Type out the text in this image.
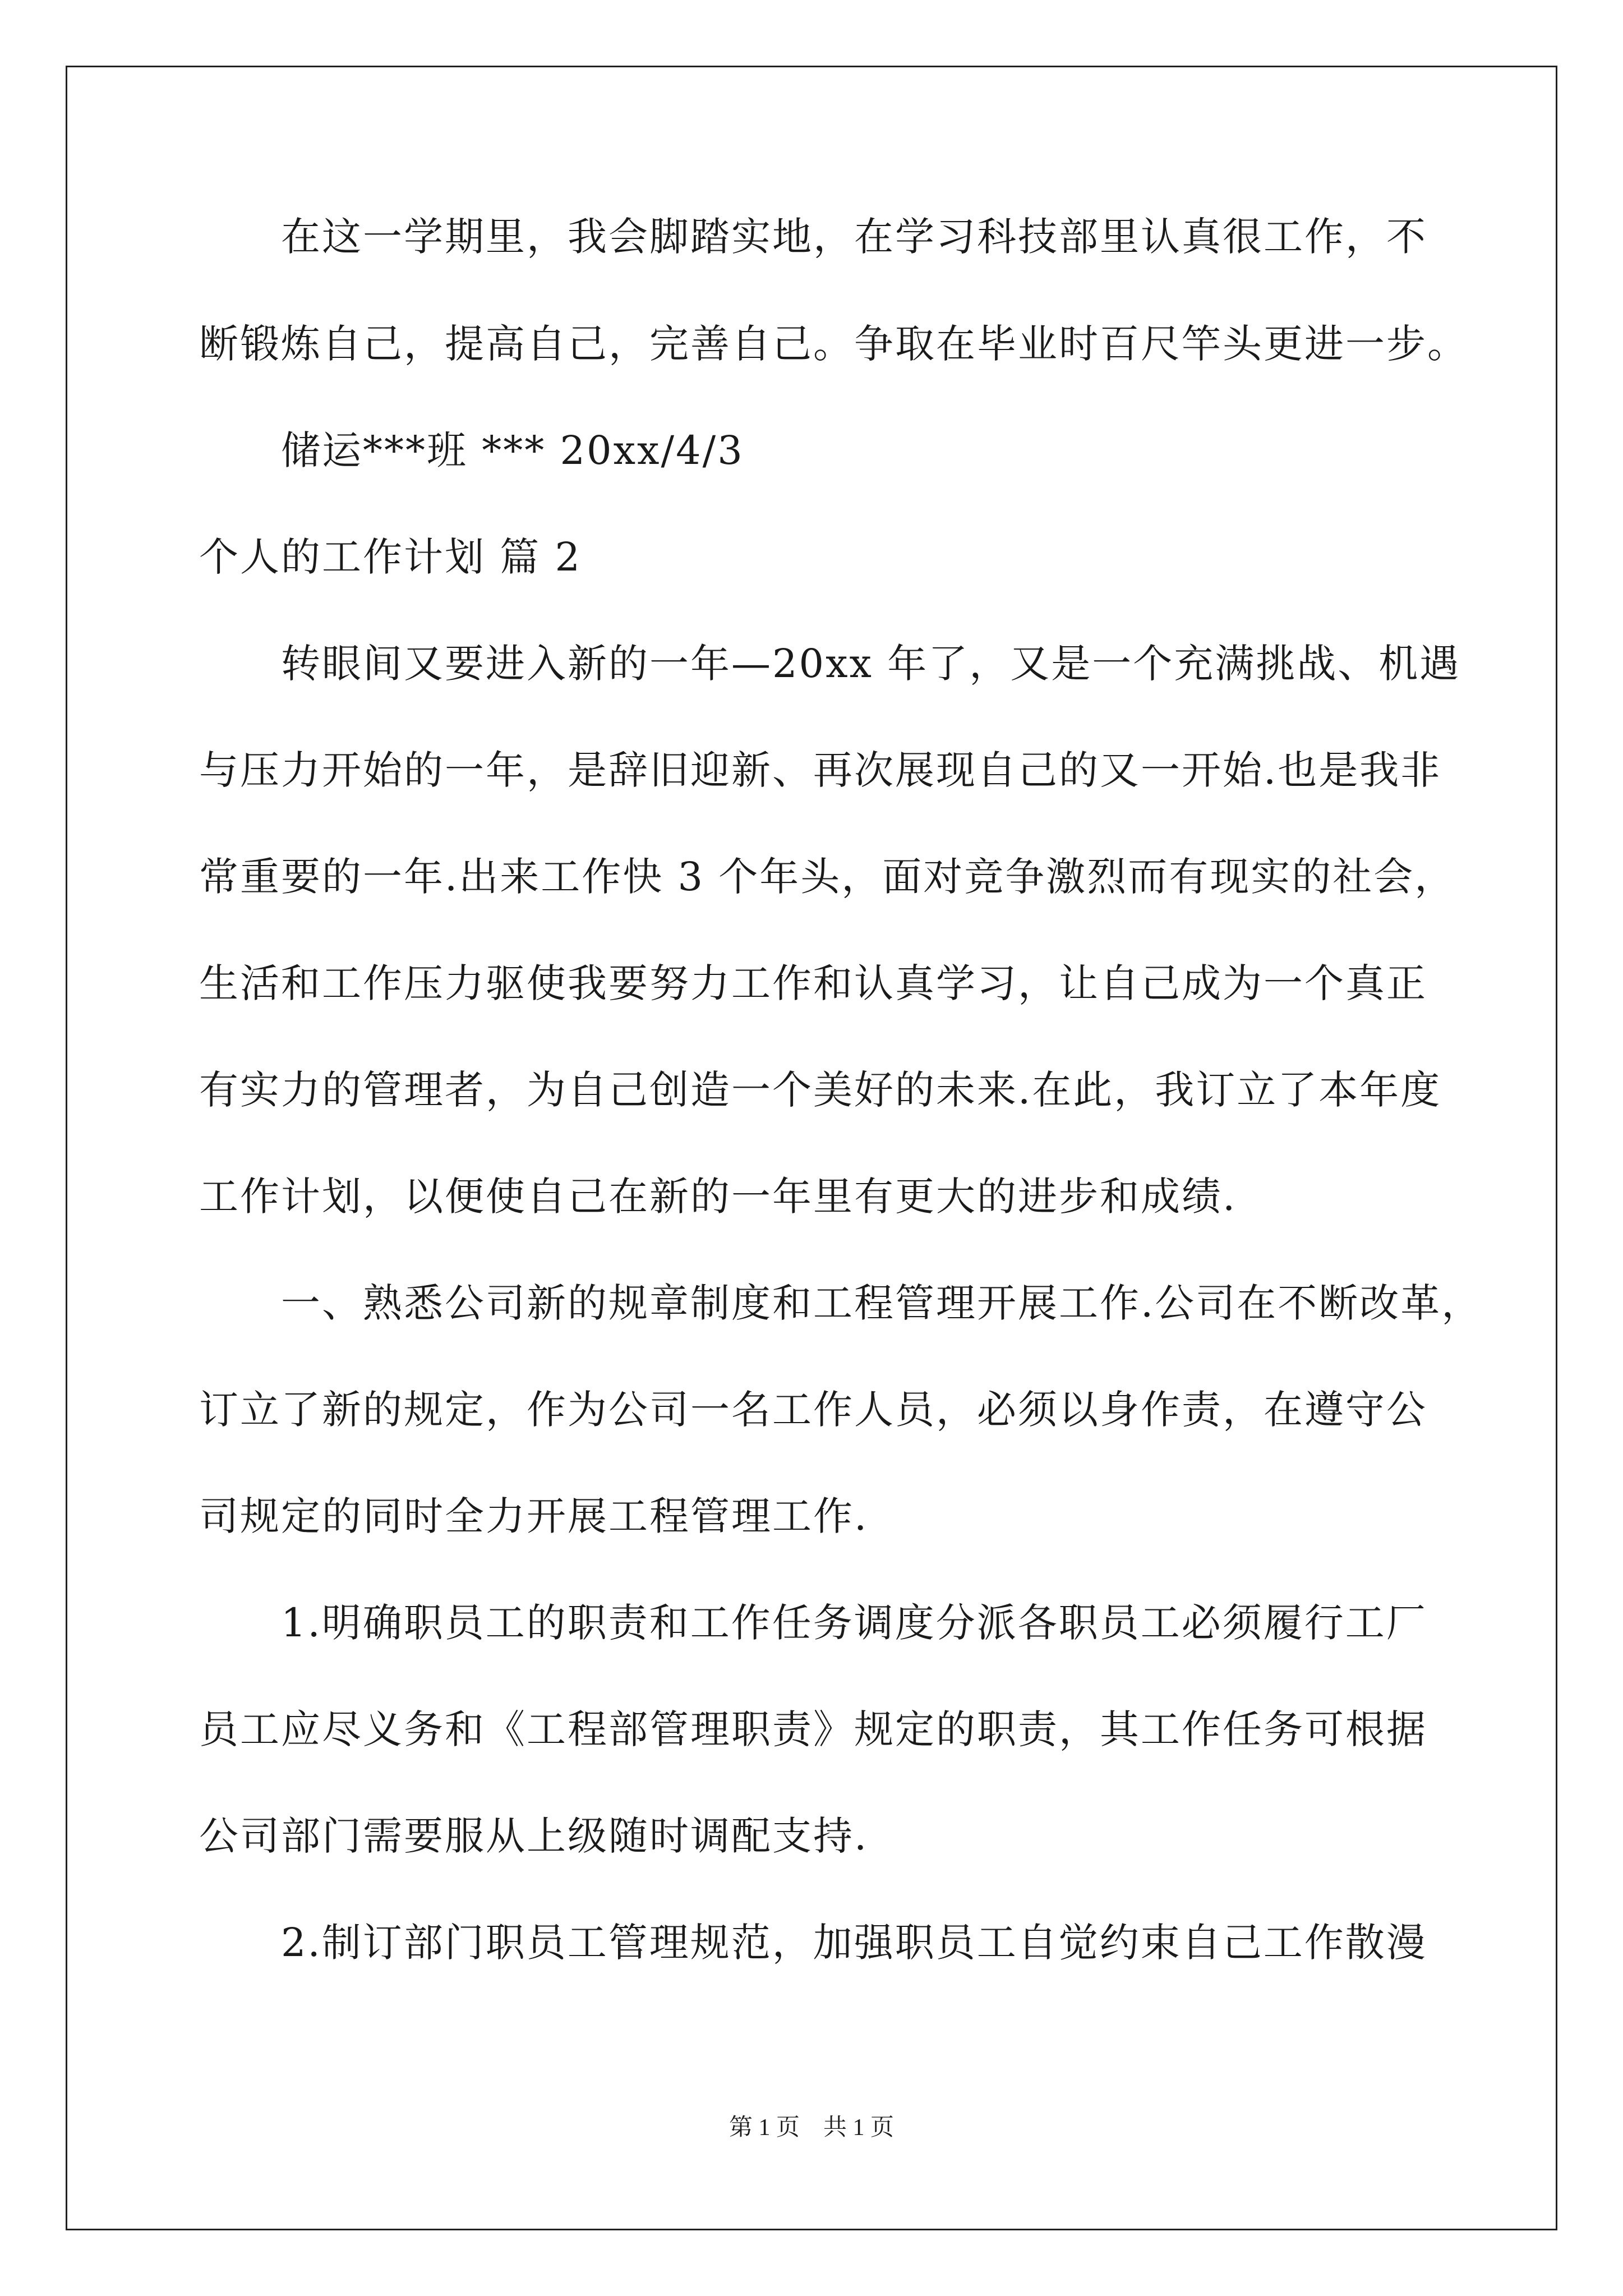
　　在这一学期里，我会脚踏实地，在学习科技部里认真很工作，不
断锻炼自己，提高自己，完善自己。争取在毕业时百尺竿头更进一步。
　　储运***班 *** 20xx/4/3
个人的工作计划 篇 2
　　转眼间又要进入新的一年—20xx 年了，又是一个充满挑战、机遇
与压力开始的一年，是辞旧迎新、再次展现自己的又一开始.也是我非
常重要的一年.出来工作快 3 个年头，面对竞争激烈而有现实的社会，
生活和工作压力驱使我要努力工作和认真学习，让自己成为一个真正
有实力的管理者，为自己创造一个美好的未来.在此，我订立了本年度
工作计划，以便使自己在新的一年里有更大的进步和成绩.
　　一、熟悉公司新的规章制度和工程管理开展工作.公司在不断改革，
订立了新的规定，作为公司一名工作人员，必须以身作责，在遵守公
司规定的同时全力开展工程管理工作.
　　1.明确职员工的职责和工作任务调度分派各职员工必须履行工厂
员工应尽义务和《工程部管理职责》规定的职责，其工作任务可根据
公司部门需要服从上级随时调配支持.
　　2.制订部门职员工管理规范，加强职员工自觉约束自己工作散漫
第 1 页　共 1 页
